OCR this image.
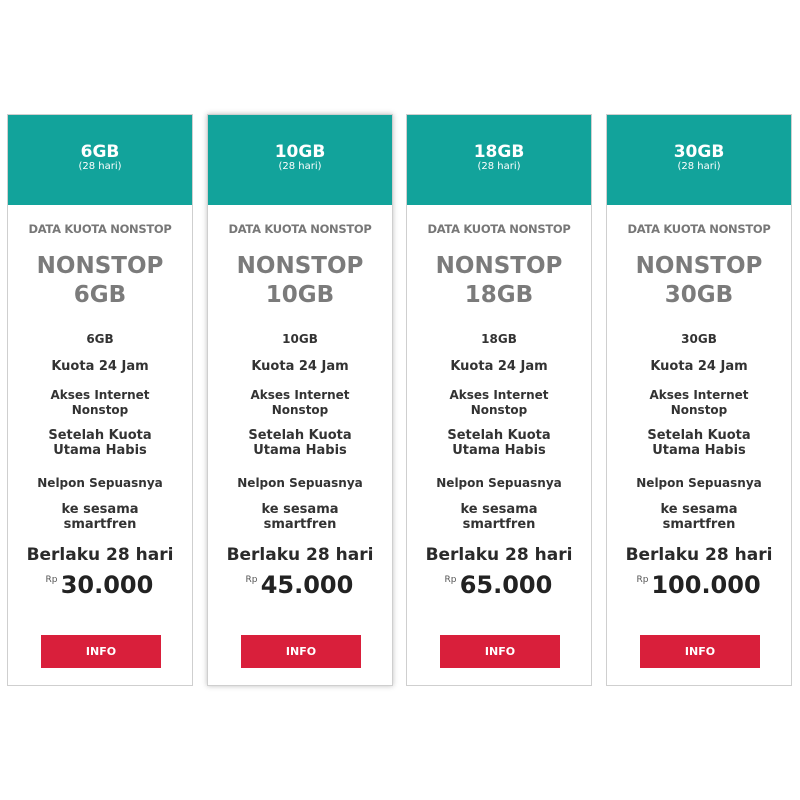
6GB
(28 hari)
DATA KUOTA NONSTOP
NONSTOP
6GB
6GB
Kuota 24 Jam
Akses Internet
Nonstop
Setelah Kuota
Utama Habis
Nelpon Sepuasnya
ke sesama
smartfren
Berlaku 28 hari
Rp 30.000
INFO
10GB
(28 hari)
DATA KUOTA NONSTOP
NONSTOP
10GB
10GB
Kuota 24 Jam
Akses Internet
Nonstop
Setelah Kuota
Utama Habis
Nelpon Sepuasnya
ke sesama
smartfren
Berlaku 28 hari
Rp 45.000
INFO
18GB
(28 hari)
DATA KUOTA NONSTOP
NONSTOP
18GB
18GB
Kuota 24 Jam
Akses Internet
Nonstop
Setelah Kuota
Utama Habis
Nelpon Sepuasnya
ke sesama
smartfren
Berlaku 28 hari
Rp 65.000
INFO
30GB
(28 hari)
DATA KUOTA NONSTOP
NONSTOP
30GB
30GB
Kuota 24 Jam
Akses Internet
Nonstop
Setelah Kuota
Utama Habis
Nelpon Sepuasnya
ke sesama
smartfren
Berlaku 28 hari
Rp 100.000
INFO
